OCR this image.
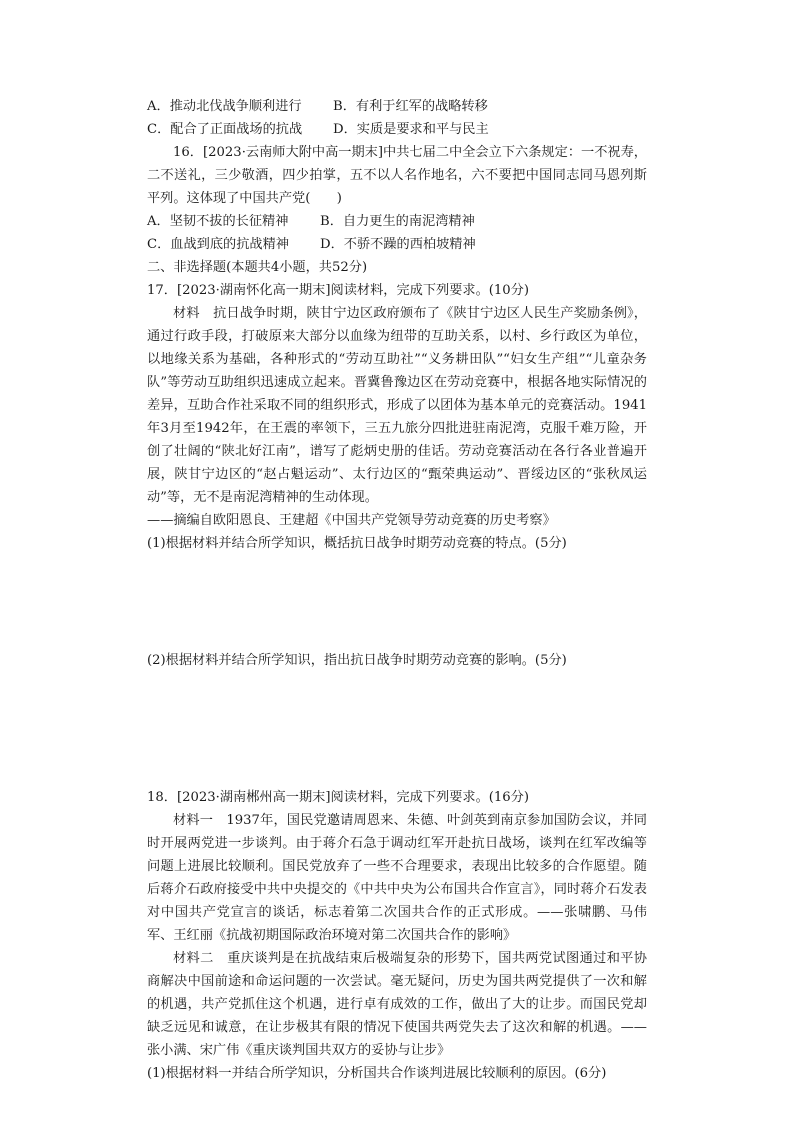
A．推动北伐战争顺利进行	B．有利于红军的战略转移
C．配合了正面战场的抗战	D．实质是要求和平与民主
16．[2023·云南师大附中高一期末]中共七届二中全会立下六条规定：一不祝寿，二不送礼，三少敬酒，四少拍掌，五不以人名作地名，六不要把中国同志同马恩列斯平列。这体现了中国共产党(　　)
A．坚韧不拔的长征精神	B．自力更生的南泥湾精神
C．血战到底的抗战精神	D．不骄不躁的西柏坡精神
二、非选择题(本题共4小题，共52分)
17．[2023·湖南怀化高一期末]阅读材料，完成下列要求。(10分)
材料　抗日战争时期，陕甘宁边区政府颁布了《陕甘宁边区人民生产奖励条例》，通过行政手段，打破原来大部分以血缘为纽带的互助关系，以村、乡行政区为单位，以地缘关系为基础，各种形式的“劳动互助社”“义务耕田队”“妇女生产组”“儿童杂务队”等劳动互助组织迅速成立起来。晋冀鲁豫边区在劳动竞赛中，根据各地实际情况的差异，互助合作社采取不同的组织形式，形成了以团体为基本单元的竞赛活动。1941年3月至1942年，在王震的率领下，三五九旅分四批进驻南泥湾，克服千难万险，开创了壮阔的“陕北好江南”，谱写了彪炳史册的佳话。劳动竞赛活动在各行各业普遍开展，陕甘宁边区的“赵占魁运动”、太行边区的“甄荣典运动”、晋绥边区的“张秋凤运动”等，无不是南泥湾精神的生动体现。
——摘编自欧阳恩良、王建超《中国共产党领导劳动竞赛的历史考察》
(1)根据材料并结合所学知识，概括抗日战争时期劳动竞赛的特点。(5分)
(2)根据材料并结合所学知识，指出抗日战争时期劳动竞赛的影响。(5分)
18．[2023·湖南郴州高一期末]阅读材料，完成下列要求。(16分)
材料一　1937年，国民党邀请周恩来、朱德、叶剑英到南京参加国防会议，并同时开展两党进一步谈判。由于蒋介石急于调动红军开赴抗日战场，谈判在红军改编等问题上进展比较顺利。国民党放弃了一些不合理要求，表现出比较多的合作愿望。随后蒋介石政府接受中共中央提交的《中共中央为公布国共合作宣言》，同时蒋介石发表对中国共产党宣言的谈话，标志着第二次国共合作的正式形成。——张啸鹏、马伟军、王红丽《抗战初期国际政治环境对第二次国共合作的影响》
材料二　重庆谈判是在抗战结束后极端复杂的形势下，国共两党试图通过和平协商解决中国前途和命运问题的一次尝试。毫无疑问，历史为国共两党提供了一次和解的机遇，共产党抓住这个机遇，进行卓有成效的工作，做出了大的让步。而国民党却缺乏远见和诚意，在让步极其有限的情况下使国共两党失去了这次和解的机遇。——张小满、宋广伟《重庆谈判国共双方的妥协与让步》
(1)根据材料一并结合所学知识，分析国共合作谈判进展比较顺利的原因。(6分)
